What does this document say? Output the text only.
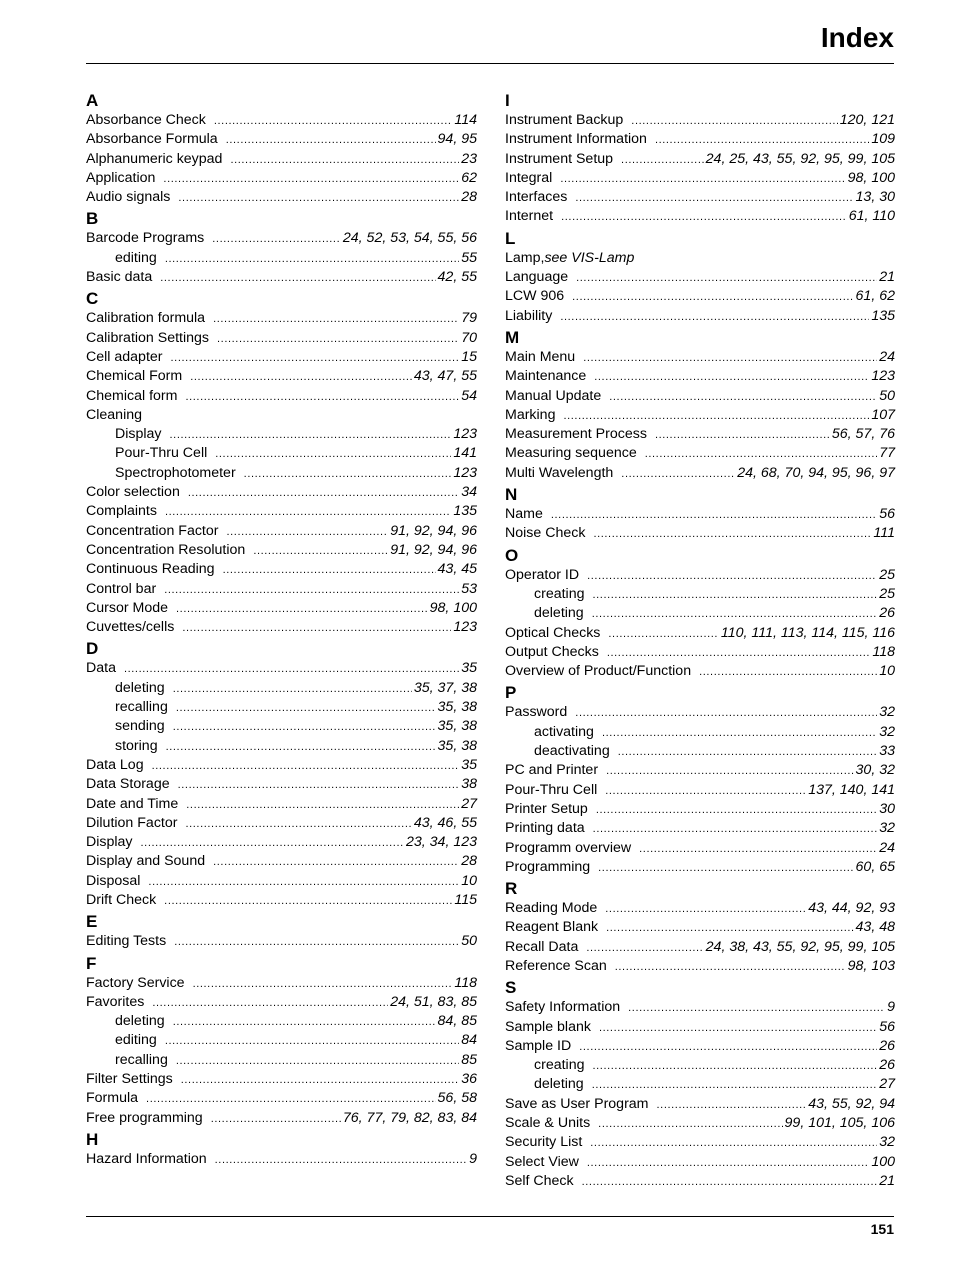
Index
A
Absorbance Check .....	114
Absorbance Formula .....	94, 95
Alphanumeric keypad .....	23
Application .....	62
Audio signals .....	28
B
Barcode Programs .....	24, 52, 53, 54, 55, 56
editing .....	55
Basic data .....	42, 55
C
Calibration formula .....	79
Calibration Settings .....	70
Cell adapter .....	15
Chemical Form .....	43, 47, 55
Chemical form .....	54
Cleaning
Display .....	123
Pour-Thru Cell .....	141
Spectrophotometer .....	123
Color selection .....	34
Complaints .....	135
Concentration Factor .....	91, 92, 94, 96
Concentration Resolution .....	91, 92, 94, 96
Continuous Reading .....	43, 45
Control bar .....	53
Cursor Mode .....	98, 100
Cuvettes/cells .....	123
D
Data .....	35
deleting .....	35, 37, 38
recalling .....	35, 38
sending .....	35, 38
storing .....	35, 38
Data Log .....	35
Data Storage .....	38
Date and Time .....	27
Dilution Factor .....	43, 46, 55
Display .....	23, 34, 123
Display and Sound .....	28
Disposal .....	10
Drift Check .....	115
E
Editing Tests .....	50
F
Factory Service .....	118
Favorites .....	24, 51, 83, 85
deleting .....	84, 85
editing .....	84
recalling .....	85
Filter Settings .....	36
Formula .....	56, 58
Free programming .....	76, 77, 79, 82, 83, 84
H
Hazard Information .....	9
I
Instrument Backup .....	120, 121
Instrument Information .....	109
Instrument Setup .....	24, 25, 43, 55, 92, 95, 99, 105
Integral .....	98, 100
Interfaces .....	13, 30
Internet .....	61, 110
L
Lamp, see VIS-Lamp
Language .....	21
LCW 906 .....	61, 62
Liability .....	135
M
Main Menu .....	24
Maintenance .....	123
Manual Update .....	50
Marking .....	107
Measurement Process .....	56, 57, 76
Measuring sequence .....	77
Multi Wavelength .....	24, 68, 70, 94, 95, 96, 97
N
Name .....	56
Noise Check .....	111
O
Operator ID .....	25
creating .....	25
deleting .....	26
Optical Checks .....	110, 111, 113, 114, 115, 116
Output Checks .....	118
Overview of Product/Function .....	10
P
Password .....	32
activating .....	32
deactivating .....	33
PC and Printer .....	30, 32
Pour-Thru Cell .....	137, 140, 141
Printer Setup .....	30
Printing data .....	32
Programm overview .....	24
Programming .....	60, 65
R
Reading Mode .....	43, 44, 92, 93
Reagent Blank .....	43, 48
Recall Data .....	24, 38, 43, 55, 92, 95, 99, 105
Reference Scan .....	98, 103
S
Safety Information .....	9
Sample blank .....	56
Sample ID .....	26
creating .....	26
deleting .....	27
Save as User Program .....	43, 55, 92, 94
Scale & Units .....	99, 101, 105, 106
Security List .....	32
Select View .....	100
Self Check .....	21
151
